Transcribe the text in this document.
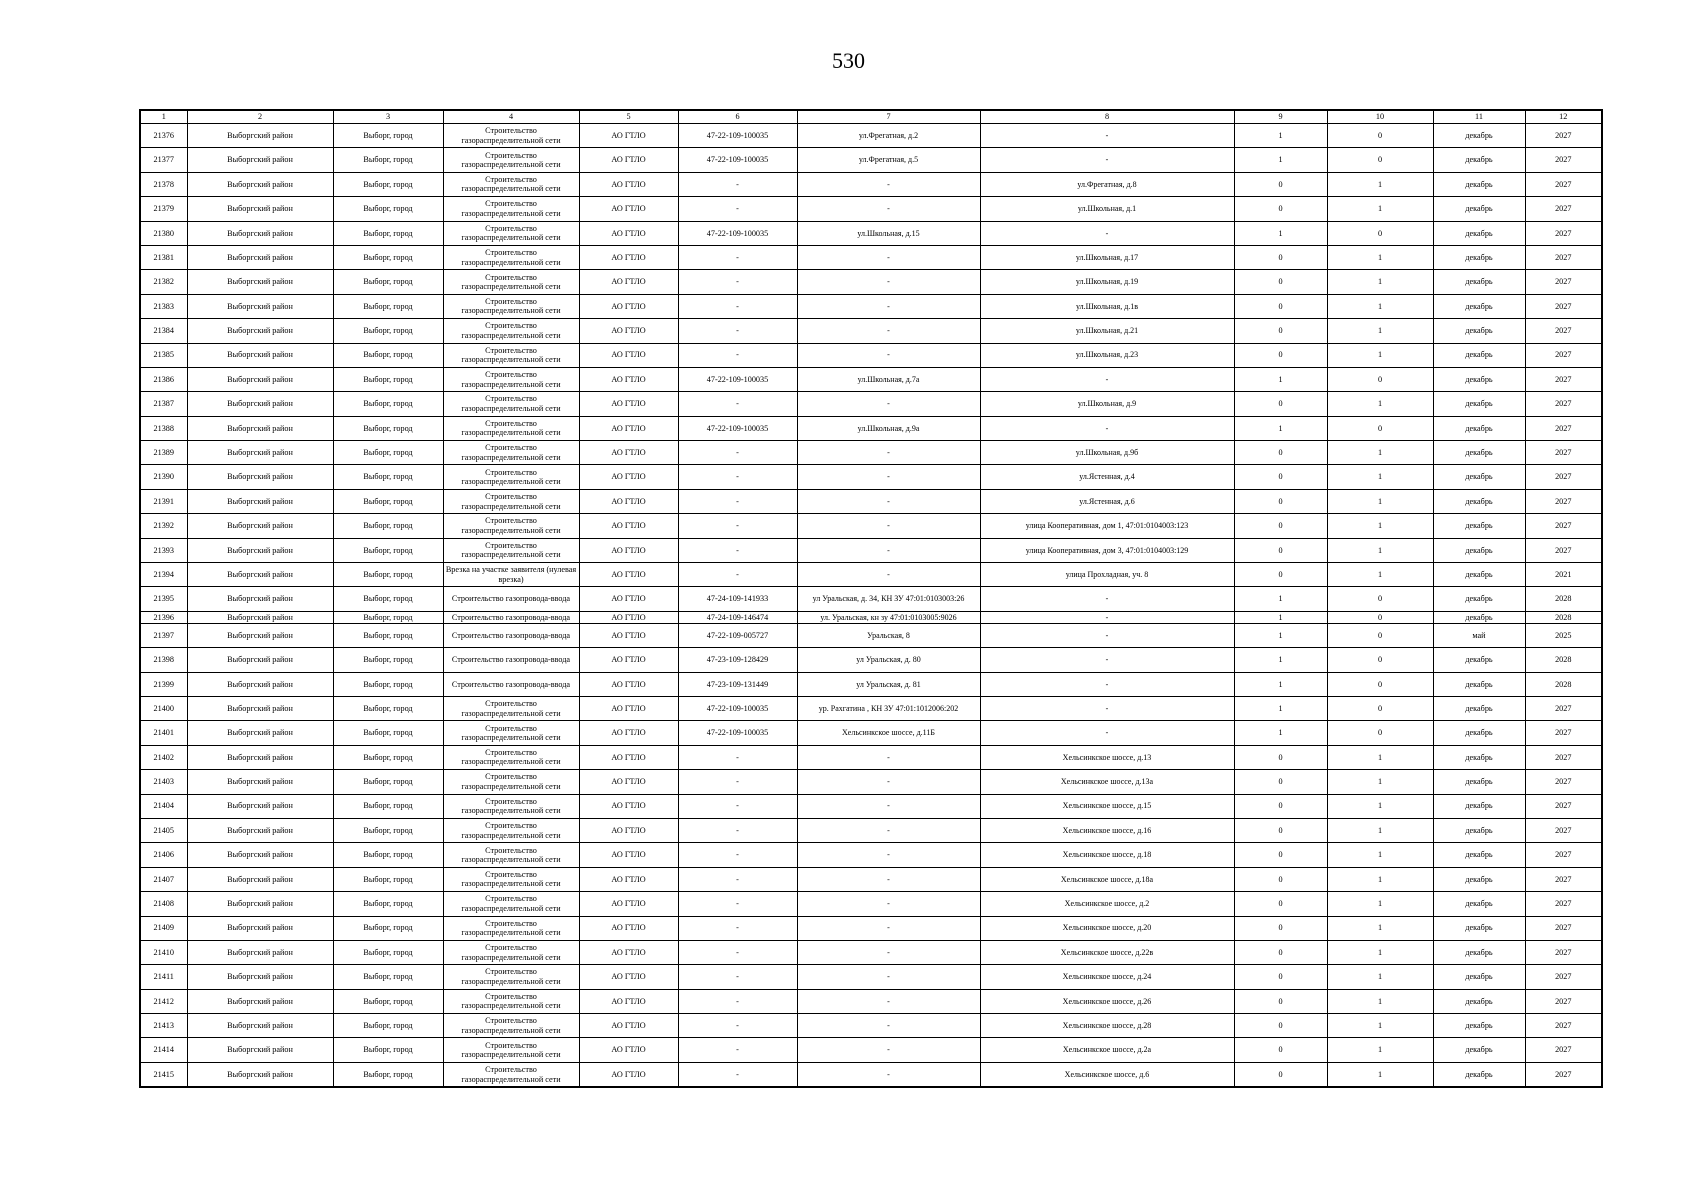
530
1	2	3	4	5	6	7	8	9	10	11	12
21376	Выборгский район	Выборг, город	Строительство газораспределительной сети	АО ГТЛО	47-22-109-100035	ул.Фрегатная, д.2	-	1	0	декабрь	2027
21377	Выборгский район	Выборг, город	Строительство газораспределительной сети	АО ГТЛО	47-22-109-100035	ул.Фрегатная, д.5	-	1	0	декабрь	2027
21378	Выборгский район	Выборг, город	Строительство газораспределительной сети	АО ГТЛО	-	-	ул.Фрегатная, д.8	0	1	декабрь	2027
21379	Выборгский район	Выборг, город	Строительство газораспределительной сети	АО ГТЛО	-	-	ул.Школьная, д.1	0	1	декабрь	2027
21380	Выборгский район	Выборг, город	Строительство газораспределительной сети	АО ГТЛО	47-22-109-100035	ул.Школьная, д.15	-	1	0	декабрь	2027
21381	Выборгский район	Выборг, город	Строительство газораспределительной сети	АО ГТЛО	-	-	ул.Школьная, д.17	0	1	декабрь	2027
21382	Выборгский район	Выборг, город	Строительство газораспределительной сети	АО ГТЛО	-	-	ул.Школьная, д.19	0	1	декабрь	2027
21383	Выборгский район	Выборг, город	Строительство газораспределительной сети	АО ГТЛО	-	-	ул.Школьная, д.1в	0	1	декабрь	2027
21384	Выборгский район	Выборг, город	Строительство газораспределительной сети	АО ГТЛО	-	-	ул.Школьная, д.21	0	1	декабрь	2027
21385	Выборгский район	Выборг, город	Строительство газораспределительной сети	АО ГТЛО	-	-	ул.Школьная, д.23	0	1	декабрь	2027
21386	Выборгский район	Выборг, город	Строительство газораспределительной сети	АО ГТЛО	47-22-109-100035	ул.Школьная, д.7а	-	1	0	декабрь	2027
21387	Выборгский район	Выборг, город	Строительство газораспределительной сети	АО ГТЛО	-	-	ул.Школьная, д.9	0	1	декабрь	2027
21388	Выборгский район	Выборг, город	Строительство газораспределительной сети	АО ГТЛО	47-22-109-100035	ул.Школьная, д.9а	-	1	0	декабрь	2027
21389	Выборгский район	Выборг, город	Строительство газораспределительной сети	АО ГТЛО	-	-	ул.Школьная, д.9б	0	1	декабрь	2027
21390	Выборгский район	Выборг, город	Строительство газораспределительной сети	АО ГТЛО	-	-	ул.Ястенная, д.4	0	1	декабрь	2027
21391	Выборгский район	Выборг, город	Строительство газораспределительной сети	АО ГТЛО	-	-	ул.Ястенная, д.6	0	1	декабрь	2027
21392	Выборгский район	Выборг, город	Строительство газораспределительной сети	АО ГТЛО	-	-	улица Кооперативная, дом 1, 47:01:0104003:123	0	1	декабрь	2027
21393	Выборгский район	Выборг, город	Строительство газораспределительной сети	АО ГТЛО	-	-	улица Кооперативная, дом 3, 47:01:0104003:129	0	1	декабрь	2027
21394	Выборгский район	Выборг, город	Врезка на участке заявителя (нулевая врезка)	АО ГТЛО	-	-	улица Прохладная, уч. 8	0	1	декабрь	2021
21395	Выборгский район	Выборг, город	Строительство газопровода-ввода	АО ГТЛО	47-24-109-141933	ул Уральская, д. 34, КН ЗУ 47:01:0103003:26	-	1	0	декабрь	2028
21396	Выборгский район	Выборг, город	Строительство газопровода-ввода	АО ГТЛО	47-24-109-146474	ул. Уральская, кн зу 47:01:0103005:9026	-	1	0	декабрь	2028
21397	Выборгский район	Выборг, город	Строительство газопровода-ввода	АО ГТЛО	47-22-109-005727	Уральская, 8	-	1	0	май	2025
21398	Выборгский район	Выборг, город	Строительство газопровода-ввода	АО ГТЛО	47-23-109-128429	ул Уральская, д. 80	-	1	0	декабрь	2028
21399	Выборгский район	Выборг, город	Строительство газопровода-ввода	АО ГТЛО	47-23-109-131449	ул Уральская, д. 81	-	1	0	декабрь	2028
21400	Выборгский район	Выборг, город	Строительство газораспределительной сети	АО ГТЛО	47-22-109-100035	ур. Рахгатинa , КН ЗУ 47:01:1012006:202	-	1	0	декабрь	2027
21401	Выборгский район	Выборг, город	Строительство газораспределительной сети	АО ГТЛО	47-22-109-100035	Хельсинкское шоссе, д.11Б	-	1	0	декабрь	2027
21402	Выборгский район	Выборг, город	Строительство газораспределительной сети	АО ГТЛО	-	-	Хельсинкское шоссе, д.13	0	1	декабрь	2027
21403	Выборгский район	Выборг, город	Строительство газораспределительной сети	АО ГТЛО	-	-	Хельсинкское шоссе, д.13а	0	1	декабрь	2027
21404	Выборгский район	Выборг, город	Строительство газораспределительной сети	АО ГТЛО	-	-	Хельсинкское шоссе, д.15	0	1	декабрь	2027
21405	Выборгский район	Выборг, город	Строительство газораспределительной сети	АО ГТЛО	-	-	Хельсинкское шоссе, д.16	0	1	декабрь	2027
21406	Выборгский район	Выборг, город	Строительство газораспределительной сети	АО ГТЛО	-	-	Хельсинкское шоссе, д.18	0	1	декабрь	2027
21407	Выборгский район	Выборг, город	Строительство газораспределительной сети	АО ГТЛО	-	-	Хельсинкское шоссе, д.18а	0	1	декабрь	2027
21408	Выборгский район	Выборг, город	Строительство газораспределительной сети	АО ГТЛО	-	-	Хельсинкское шоссе, д.2	0	1	декабрь	2027
21409	Выборгский район	Выборг, город	Строительство газораспределительной сети	АО ГТЛО	-	-	Хельсинкское шоссе, д.20	0	1	декабрь	2027
21410	Выборгский район	Выборг, город	Строительство газораспределительной сети	АО ГТЛО	-	-	Хельсинкское шоссе, д.22в	0	1	декабрь	2027
21411	Выборгский район	Выборг, город	Строительство газораспределительной сети	АО ГТЛО	-	-	Хельсинкское шоссе, д.24	0	1	декабрь	2027
21412	Выборгский район	Выборг, город	Строительство газораспределительной сети	АО ГТЛО	-	-	Хельсинкское шоссе, д.26	0	1	декабрь	2027
21413	Выборгский район	Выборг, город	Строительство газораспределительной сети	АО ГТЛО	-	-	Хельсинкское шоссе, д.28	0	1	декабрь	2027
21414	Выборгский район	Выборг, город	Строительство газораспределительной сети	АО ГТЛО	-	-	Хельсинкское шоссе, д.2а	0	1	декабрь	2027
21415	Выборгский район	Выборг, город	Строительство газораспределительной сети	АО ГТЛО	-	-	Хельсинкское шоссе, д.6	0	1	декабрь	2027
